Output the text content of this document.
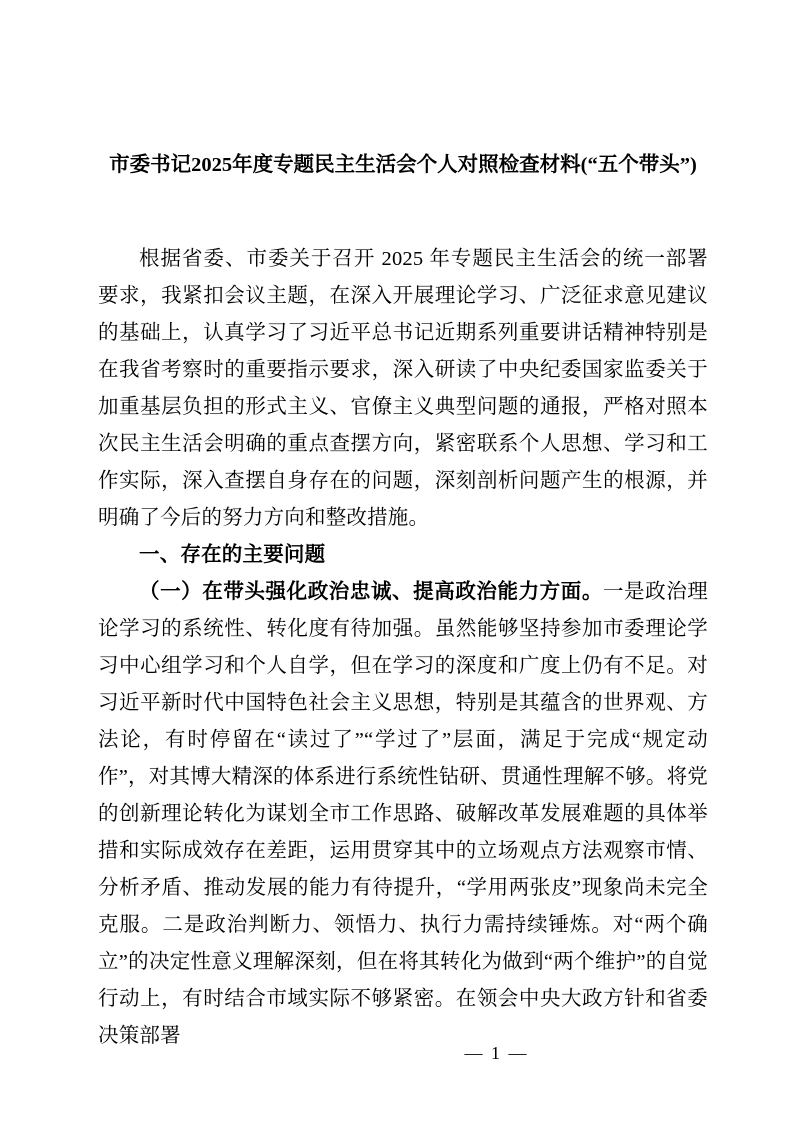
市委书记2025年度专题民主生活会个人对照检查材料(“五个带头”)

根据省委、市委关于召开 2025 年专题民主生活会的统一部署要求，我紧扣会议主题，在深入开展理论学习、广泛征求意见建议的基础上，认真学习了习近平总书记近期系列重要讲话精神特别是在我省考察时的重要指示要求，深入研读了中央纪委国家监委关于加重基层负担的形式主义、官僚主义典型问题的通报，严格对照本次民主生活会明确的重点查摆方向，紧密联系个人思想、学习和工作实际，深入查摆自身存在的问题，深刻剖析问题产生的根源，并明确了今后的努力方向和整改措施。

一、存在的主要问题

（一）在带头强化政治忠诚、提高政治能力方面。一是政治理论学习的系统性、转化度有待加强。虽然能够坚持参加市委理论学习中心组学习和个人自学，但在学习的深度和广度上仍有不足。对习近平新时代中国特色社会主义思想，特别是其蕴含的世界观、方法论，有时停留在“读过了”“学过了”层面，满足于完成“规定动作”，对其博大精深的体系进行系统性钻研、贯通性理解不够。将党的创新理论转化为谋划全市工作思路、破解改革发展难题的具体举措和实际成效存在差距，运用贯穿其中的立场观点方法观察市情、分析矛盾、推动发展的能力有待提升，“学用两张皮”现象尚未完全克服。二是政治判断力、领悟力、执行力需持续锤炼。对“两个确立”的决定性意义理解深刻，但在将其转化为做到“两个维护”的自觉行动上，有时结合市域实际不够紧密。在领会中央大政方针和省委决策部署

— 1 —
